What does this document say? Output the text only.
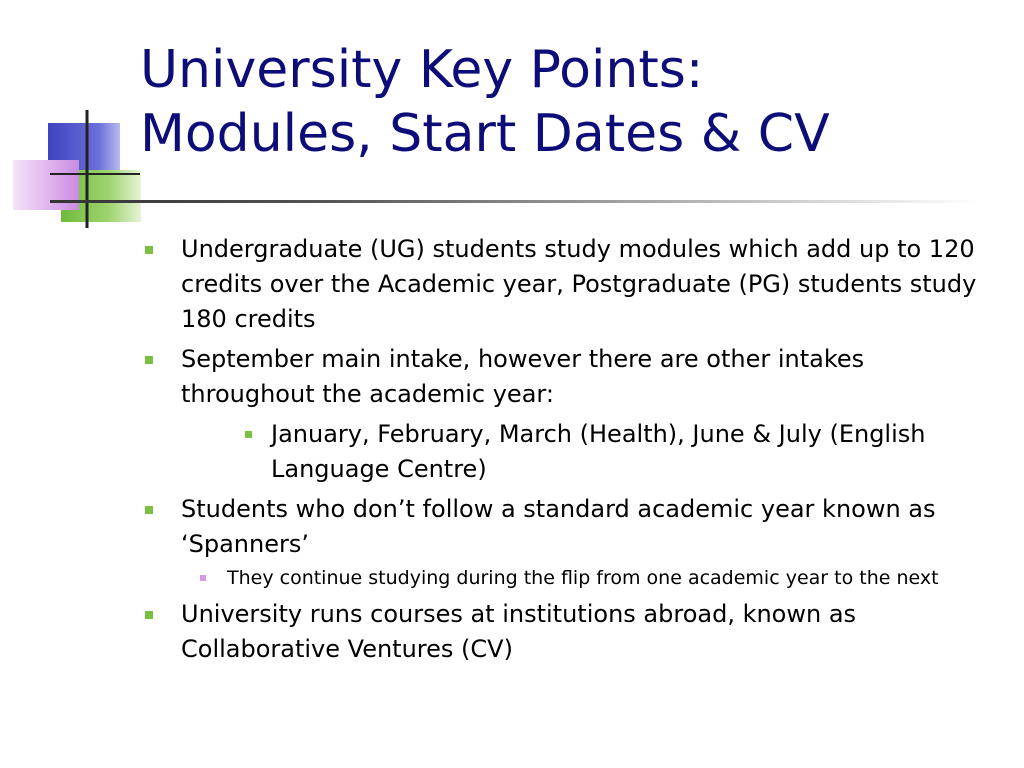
University Key Points:
Modules, Start Dates & CV
Undergraduate (UG) students study modules which add up to 120 credits over the Academic year, Postgraduate (PG) students study 180 credits
September main intake, however there are other intakes throughout the academic year:
January, February, March (Health), June & July (English Language Centre)
Students who don’t follow a standard academic year known as ‘Spanners’
They continue studying during the flip from one academic year to the next
University runs courses at institutions abroad, known as Collaborative Ventures (CV)
